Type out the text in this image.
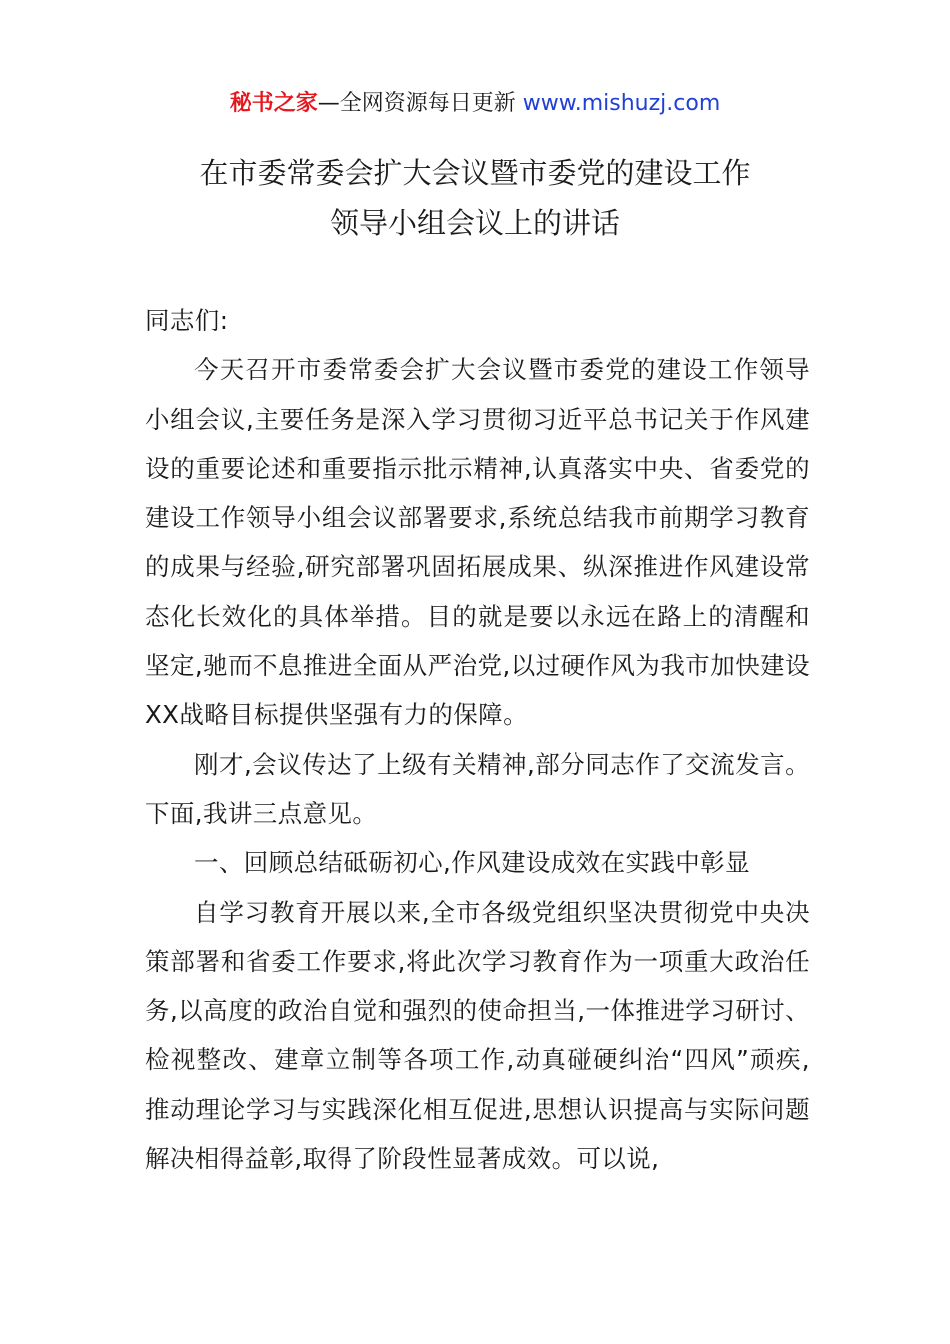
秘书之家—全网资源每日更新 www.mishuzj.com
在市委常委会扩大会议暨市委党的建设工作
领导小组会议上的讲话

同志们:

今天召开市委常委会扩大会议暨市委党的建设工作领导小组会议,主要任务是深入学习贯彻习近平总书记关于作风建设的重要论述和重要指示批示精神,认真落实中央、省委党的建设工作领导小组会议部署要求,系统总结我市前期学习教育的成果与经验,研究部署巩固拓展成果、纵深推进作风建设常态化长效化的具体举措。目的就是要以永远在路上的清醒和坚定,驰而不息推进全面从严治党,以过硬作风为我市加快建设XX战略目标提供坚强有力的保障。

刚才,会议传达了上级有关精神,部分同志作了交流发言。下面,我讲三点意见。

一、回顾总结砥砺初心,作风建设成效在实践中彰显

自学习教育开展以来,全市各级党组织坚决贯彻党中央决策部署和省委工作要求,将此次学习教育作为一项重大政治任务,以高度的政治自觉和强烈的使命担当,一体推进学习研讨、检视整改、建章立制等各项工作,动真碰硬纠治“四风”顽疾,推动理论学习与实践深化相互促进,思想认识提高与实际问题解决相得益彰,取得了阶段性显著成效。可以说,
